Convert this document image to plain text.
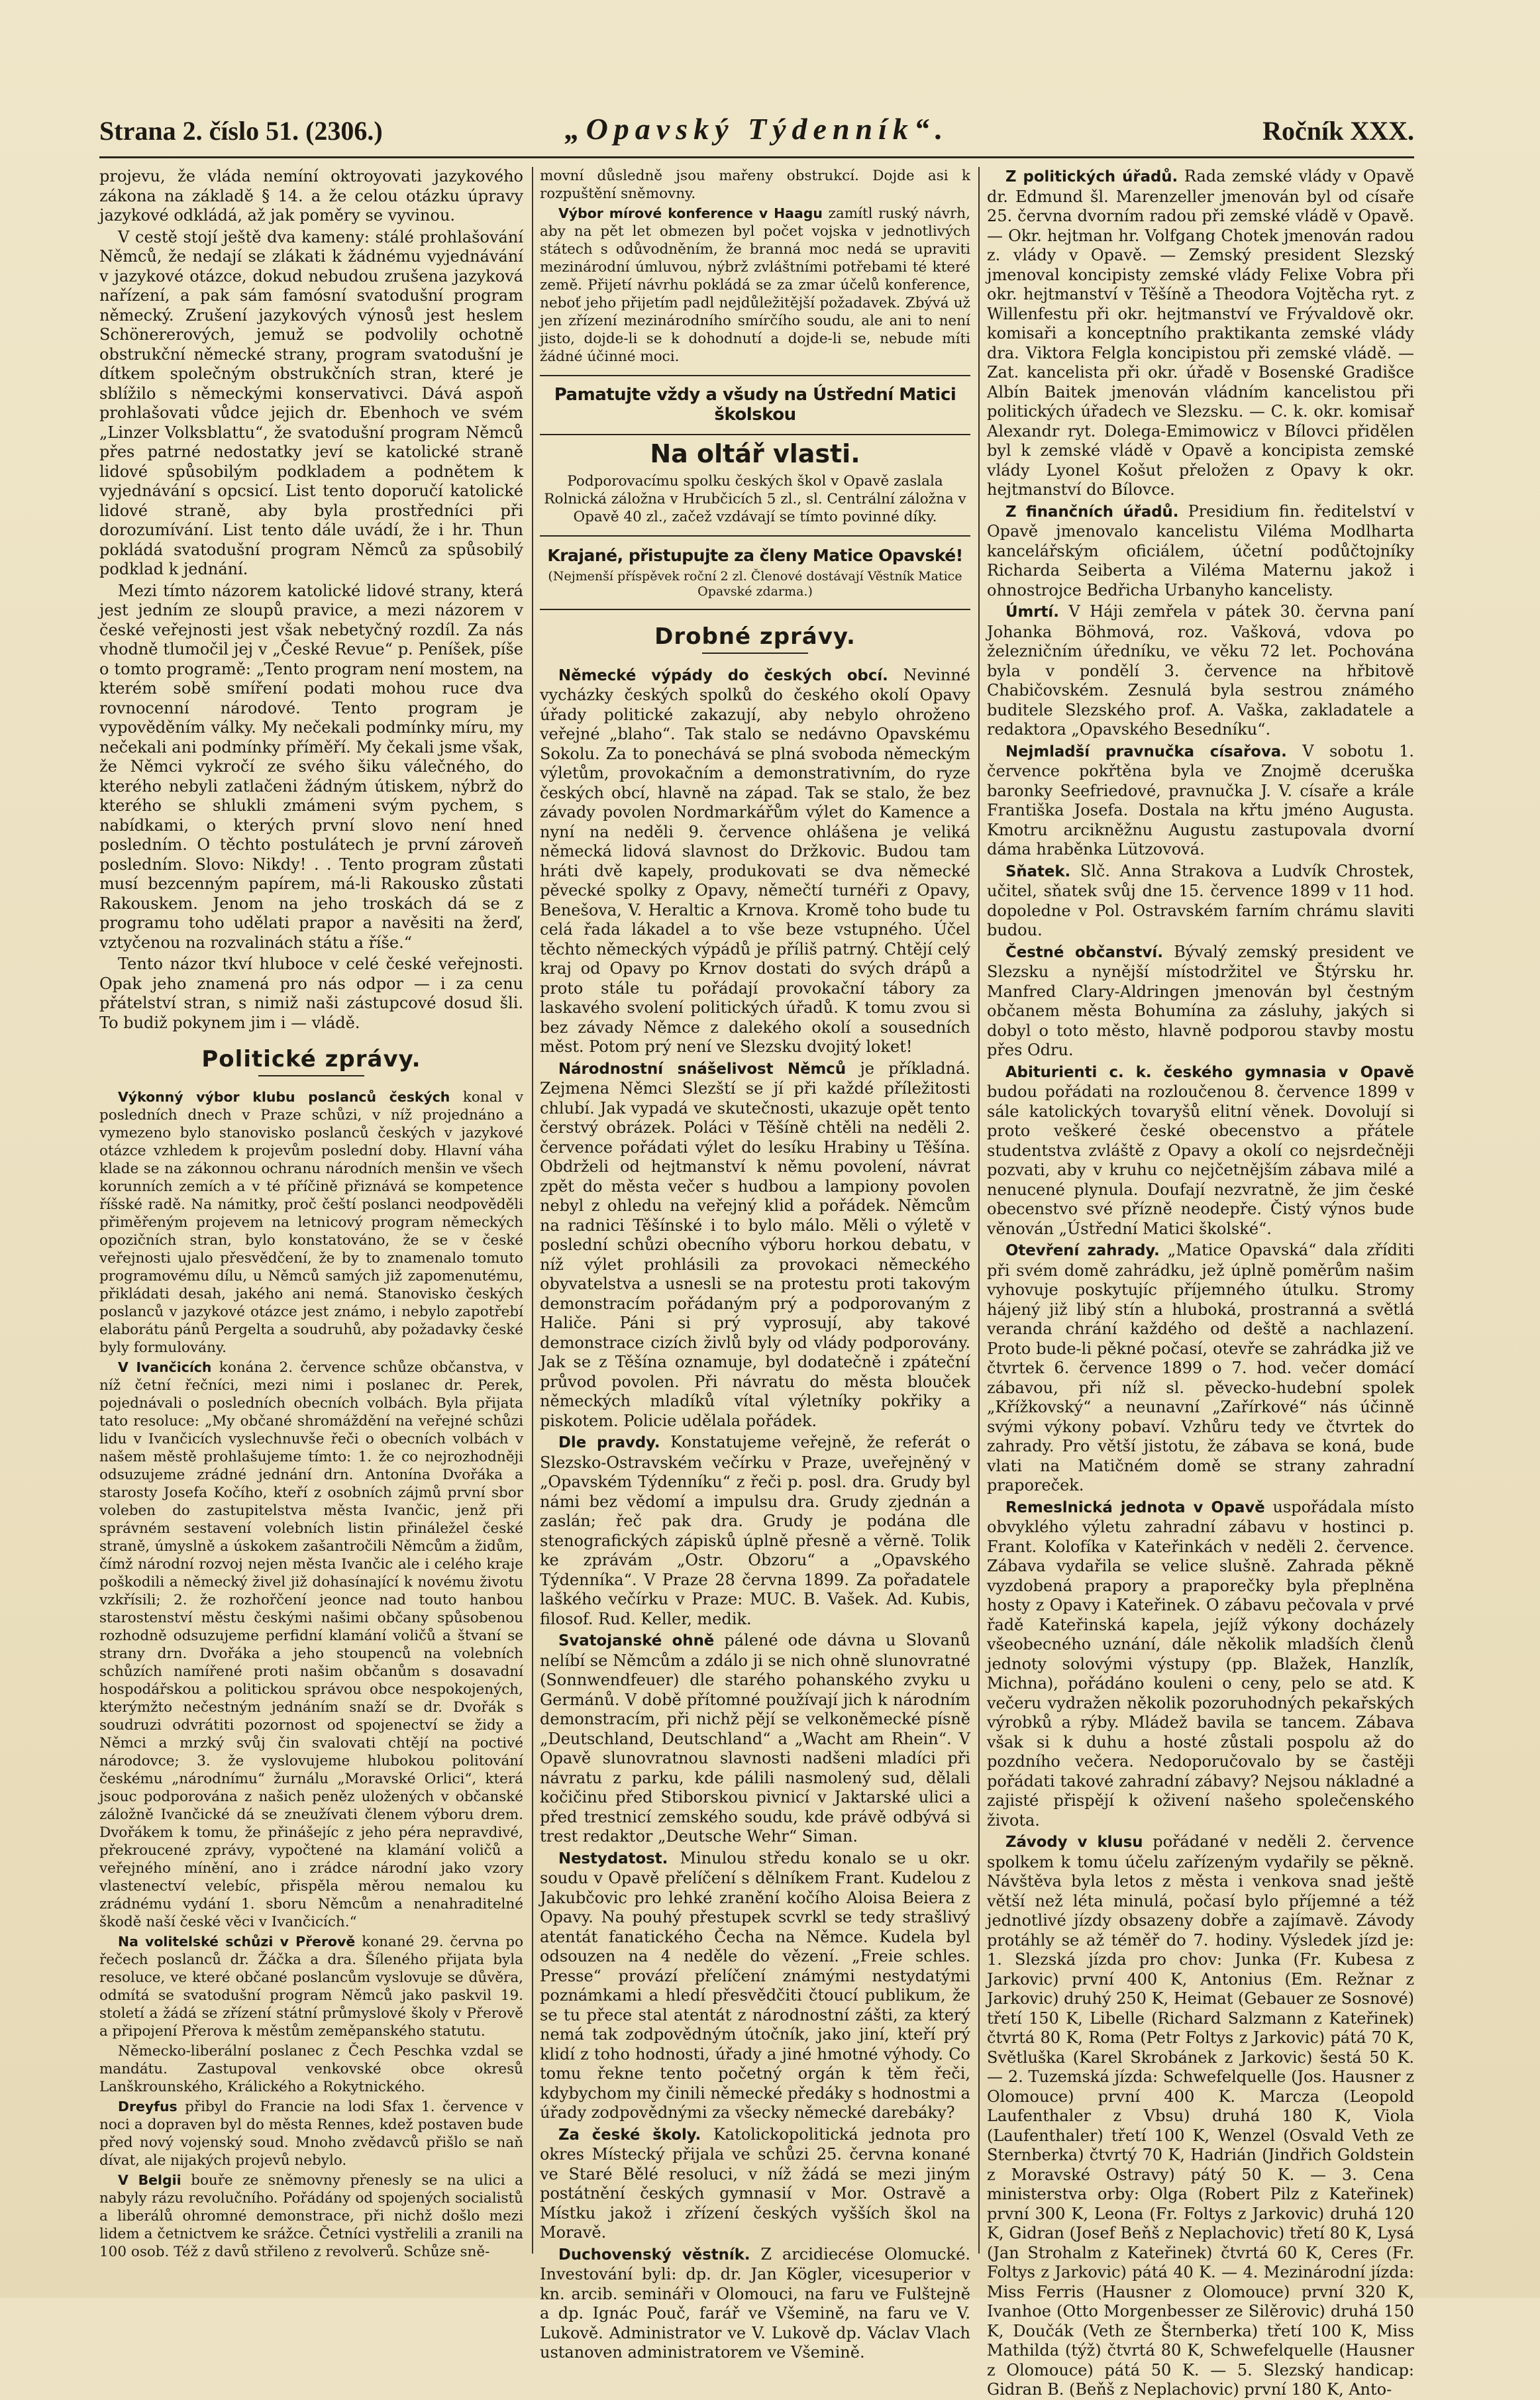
Strana 2. číslo 51. (2306.)	„Opavský Týdenník“.	Ročník XXX.

projevu, že vláda nemíní oktroyovati jazykového zákona na základě § 14. a že celou otázku úpravy jazykové odkládá, až jak poměry se vyvinou.

V cestě stojí ještě dva kameny: stálé prohlašování Němců, že nedají se zlákati k žádnému vyjednávání v jazykové otázce, dokud nebudou zrušena jazyková nařízení, a pak sám famósní svatodušní program německý. Zrušení jazykových výnosů jest heslem Schönererových, jemuž se podvolily ochotně obstrukční německé strany, program svatodušní je dítkem společným obstrukčních stran, které je sblížilo s německými konservativci. Dává aspoň prohlašovati vůdce jejich dr. Ebenhoch ve svém „Linzer Volksblattu“, že svatodušní program Němců přes patrné nedostatky jeví se katolické straně lidové spůsobilým podkladem a podnětem k vyjednávání s opcsicí. List tento doporučí katolické lidové straně, aby byla prostředníci při dorozumívání. List tento dále uvádí, že i hr. Thun pokládá svatodušní program Němců za spůsobilý podklad k jednání.

Mezi tímto názorem katolické lidové strany, která jest jedním ze sloupů pravice, a mezi názorem v české veřejnosti jest však nebetyčný rozdíl. Za nás vhodně tlumočil jej v „České Revue“ p. Peníšek, píše o tomto programě: „Tento program není mostem, na kterém sobě smíření podati mohou ruce dva rovnocenní národové. Tento program je vypověděním války. My nečekali podmínky míru, my nečekali ani podmínky příměří. My čekali jsme však, že Němci vykročí ze svého šiku válečného, do kterého nebyli zatlačeni žádným útiskem, nýbrž do kterého se shlukli zmámeni svým pychem, s nabídkami, o kterých první slovo není hned posledním. O těchto postulátech je první zároveň posledním. Slovo: Nikdy! . . Tento program zůstati musí bezcenným papírem, má-li Rakousko zůstati Rakouskem. Jenom na jeho troskách dá se z programu toho udělati prapor a navěsiti na žerď, vztyčenou na rozvalinách státu a říše.“

Tento názor tkví hluboce v celé české veřejnosti. Opak jeho znamená pro nás odpor — i za cenu přátelství stran, s nimiž naši zástupcové dosud šli. To budiž pokynem jim i — vládě.

Politické zprávy.

Výkonný výbor klubu poslanců českých konal v posledních dnech v Praze schůzi, v níž projednáno a vymezeno bylo stanovisko poslanců českých v jazykové otázce vzhledem k projevům poslední doby. Hlavní váha klade se na zákonnou ochranu národních menšin ve všech korunních zemích a v té příčině přiznává se kompetence říšské radě. Na námitky, proč čeští poslanci neodpověděli přiměřeným projevem na letnicový program německých opozičních stran, bylo konstatováno, že se v české veřejnosti ujalo přesvědčení, že by to znamenalo tomuto programovému dílu, u Němců samých již zapomenutému, přikládati desah, jakého ani nemá. Stanovisko českých poslanců v jazykové otázce jest známo, i nebylo zapotřebí elaborátu pánů Pergelta a soudruhů, aby požadavky české byly formulovány.

V Ivančicích konána 2. července schůze občanstva, v níž četní řečníci, mezi nimi i poslanec dr. Perek, pojednávali o posledních obecních volbách. Byla přijata tato resoluce: „My občané shromáždění na veřejné schůzi lidu v Ivančicích vyslechnuvše řeči o obecních volbách v našem městě prohlašujeme tímto: 1. že co nejrozhodněji odsuzujeme zrádné jednání drn. Antonína Dvořáka a starosty Josefa Kočího, kteří z osobních zájmů první sbor voleben do zastupitelstva města Ivančic, jenž při správném sestavení volebních listin přináležel české straně, úmyslně a úskokem zašantročili Němcům a židům, čímž národní rozvoj nejen města Ivančic ale i celého kraje poškodili a německý živel již dohasínající k novému životu vzkřísili; 2. že rozhořčení jeonce nad touto hanbou starostenství městu českými našimi občany spůsobenou rozhodně odsuzujeme perfidní klamání voličů a štvaní se strany drn. Dvořáka a jeho stoupenců na volebních schůzích namířené proti našim občanům s dosavadní hospodářskou a politickou správou obce nespokojených, kterýmžto nečestným jednáním snaží se dr. Dvořák s soudruzi odvrátiti pozornost od spojenectví se židy a Němci a mrzký svůj čin svalovati chtějí na poctivé národovce; 3. že vyslovujeme hlubokou politování českému „národnímu“ žurnálu „Moravské Orlici“, která jsouc podporována z našich peněz uložených v občanské záložně Ivančické dá se zneužívati členem výboru drem. Dvořákem k tomu, že přinášejíc z jeho péra nepravdivé, překroucené zprávy, vypočtené na klamání voličů a veřejného mínění, ano i zrádce národní jako vzory vlastenectví velebíc, přispěla měrou nemalou ku zrádnému vydání 1. sboru Němcům a nenahraditelné škodě naší české věci v Ivančicích.“

Na volitelské schůzi v Přerově konané 29. června po řečech poslanců dr. Žáčka a dra. Šíleného přijata byla resoluce, ve které občané poslancům vyslovuje se důvěra, odmítá se svatodušní program Němců jako paskvil 19. století a žádá se zřízení státní průmyslové školy v Přerově a připojení Přerova k městům zeměpanského statutu.

Německo-liberální poslanec z Čech Peschka vzdal se mandátu. Zastupoval venkovské obce okresů Lanškrounského, Králického a Rokytnického.

Dreyfus přibyl do Francie na lodi Sfax 1. července v noci a dopraven byl do města Rennes, kdež postaven bude před nový vojenský soud. Mnoho zvědavců přišlo se naň dívat, ale nijakých projevů nebylo.

V Belgii bouře ze sněmovny přenesly se na ulici a nabyly rázu revolučního. Pořádány od spojených socialistů a liberálů ohromné demonstrace, při nichž došlo mezi lidem a četnictvem ke srážce. Četníci vystřelili a zranili na 100 osob. Též z davů střileno z revolverů. Schůze sně-

movní důsledně jsou mařeny obstrukcí. Dojde asi k rozpuštění sněmovny.

Výbor mírové konference v Haagu zamítl ruský návrh, aby na pět let obmezen byl počet vojska v jednotlivých státech s odůvodněním, že branná moc nedá se upraviti mezinárodní úmluvou, nýbrž zvláštními potřebami té které země. Přijetí návrhu pokládá se za zmar účelů konference, neboť jeho přijetím padl nejdůležitější požadavek. Zbývá už jen zřízení mezinárodního smírčího soudu, ale ani to není jisto, dojde-li se k dohodnutí a dojde-li se, nebude míti žádné účinné moci.

Pamatujte vždy a všudy na Ústřední Matici školskou
Na oltář vlasti.

Podporovacímu spolku českých škol v Opavě zaslala Rolnická záložna v Hrubčicích 5 zl., sl. Centrální záložna v Opavě 40 zl., začež vzdávají se tímto povinné díky.

Krajané, přistupujte za členy Matice Opavské!

(Nejmenší příspěvek roční 2 zl. Členové dostávají Věstník Matice Opavské zdarma.)

Drobné zprávy.

Německé výpády do českých obcí. Nevinné vycházky českých spolků do českého okolí Opavy úřady politické zakazují, aby nebylo ohroženo veřejné „blaho“. Tak stalo se nedávno Opavskému Sokolu. Za to ponechává se plná svoboda německým výletům, provokačním a demonstrativním, do ryze českých obcí, hlavně na západ. Tak se stalo, že bez závady povolen Nordmarkářům výlet do Kamence a nyní na neděli 9. července ohlášena je veliká německá lidová slavnost do Držkovic. Budou tam hráti dvě kapely, produkovati se dva německé pěvecké spolky z Opavy, němečtí turnéři z Opavy, Benešova, V. Heraltic a Krnova. Kromě toho bude tu celá řada lákadel a to vše beze vstupného. Účel těchto německých výpádů je příliš patrný. Chtějí celý kraj od Opavy po Krnov dostati do svých drápů a proto stále tu pořádají provokační tábory za laskavého svolení politických úřadů. K tomu zvou si bez závady Němce z dalekého okolí a sousedních měst. Potom prý není ve Slezsku dvojitý loket!

Národnostní snášelivost Němců je příkladná. Zejmena Němci Slezští se jí při každé příležitosti chlubí. Jak vypadá ve skutečnosti, ukazuje opět tento čerstvý obrázek. Poláci v Těšíně chtěli na neděli 2. července pořádati výlet do lesíku Hrabiny u Těšína. Obdrželi od hejtmanství k němu povolení, návrat zpět do města večer s hudbou a lampiony povolen nebyl z ohledu na veřejný klid a pořádek. Němcům na radnici Těšínské i to bylo málo. Měli o výletě v poslední schůzi obecního výboru horkou debatu, v níž výlet prohlásili za provokaci německého obyvatelstva a usnesli se na protestu proti takovým demonstracím pořádaným prý a podporovaným z Haliče. Páni si prý vyprosují, aby takové demonstrace cizích živlů byly od vlády podporovány. Jak se z Těšína oznamuje, byl dodatečně i zpáteční průvod povolen. Při návratu do města blouček německých mladíků vítal výletníky pokřiky a piskotem. Policie udělala pořádek.

Dle pravdy. Konstatujeme veřejně, že referát o Slezsko-Ostravském večírku v Praze, uveřejněný v „Opavském Týdenníku“ z řeči p. posl. dra. Grudy byl námi bez vědomí a impulsu dra. Grudy zjednán a zaslán; řeč pak dra. Grudy je podána dle stenografických zápisků úplně přesně a věrně. Tolik ke zprávám „Ostr. Obzoru“ a „Opavského Týdenníka“. V Praze 28 června 1899. Za pořadatele laškého večírku v Praze: MUC. B. Vašek. Ad. Kubis, filosof. Rud. Keller, medik.

Svatojanské ohně pálené ode dávna u Slovanů nelíbí se Němcům a zdálo ji se nich ohně slunovratné (Sonnwendfeuer) dle starého pohanského zvyku u Germánů. V době přítomné používají jich k národním demonstracím, při nichž pějí se velkoněmecké písně „Deutschland, Deutschland“ a „Wacht am Rhein“. V Opavě slunovratnou slavnosti nadšeni mladíci při návratu z parku, kde pálili nasmolený sud, dělali kočičinu před Stiborskou pivnicí v Jaktarské ulici a před trestnicí zemského soudu, kde právě odbývá si trest redaktor „Deutsche Wehr“ Siman.

Nestydatost. Minulou středu konalo se u okr. soudu v Opavě přelíčení s dělníkem Frant. Kudelou z Jakubčovic pro lehké zranění kočího Aloisa Beiera z Opavy. Na pouhý přestupek scvrkl se tedy strašlivý atentát fanatického Čecha na Němce. Kudela byl odsouzen na 4 neděle do vězení. „Freie schles. Presse“ provází přelíčení známými nestydatými poznámkami a hledí přesvědčiti čtoucí publikum, že se tu přece stal atentát z národnostní zášti, za který nemá tak zodpovědným útočník, jako jiní, kteří prý klidí z toho hodnosti, úřady a jiné hmotné výhody. Co tomu řekne tento početný orgán k těm řeči, kdybychom my činili německé předáky s hodnostmi a úřady zodpovědnými za všecky německé darebáky?

Za české školy. Katolickopolitická jednota pro okres Místecký přijala ve schůzi 25. června konané ve Staré Bělé resoluci, v níž žádá se mezi jiným postátnění českých gymnasií v Mor. Ostravě a Místku jakož i zřízení českých vyšších škol na Moravě.

Duchovenský věstník. Z arcidiecése Olomucké. Investování byli: dp. dr. Jan Kögler, vicesuperior v kn. arcib. semináři v Olomouci, na faru ve Fulštejně a dp. Ignác Pouč, farář ve Všemině, na faru ve V. Lukově. Administrator ve V. Lukově dp. Václav Vlach ustanoven administratorem ve Všemině.

Z politických úřadů. Rada zemské vlády v Opavě dr. Edmund šl. Marenzeller jmenován byl od císaře 25. června dvorním radou při zemské vládě v Opavě. — Okr. hejtman hr. Volfgang Chotek jmenován radou z. vlády v Opavě. — Zemský president Slezský jmenoval koncipisty zemské vlády Felixe Vobra při okr. hejtmanství v Těšíně a Theodora Vojtěcha ryt. z Willenfestu při okr. hejtmanství ve Frývaldově okr. komisaři a konceptního praktikanta zemské vlády dra. Viktora Felgla koncipistou při zemské vládě. — Zat. kancelista při okr. úřadě v Bosenské Gradišce Albín Baitek jmenován vládním kancelistou při politických úřadech ve Slezsku. — C. k. okr. komisař Alexandr ryt. Dolega-Emimowicz v Bílovci přidělen byl k zemské vládě v Opavě a koncipista zemské vlády Lyonel Košut přeložen z Opavy k okr. hejtmanství do Bílovce.

Z finančních úřadů. Presidium fin. ředitelství v Opavě jmenovalo kancelistu Viléma Modlharta kancelářským oficiálem, účetní podůčtojníky Richarda Seiberta a Viléma Maternu jakož i ohnostrojce Bedřicha Urbanyho kancelisty.

Úmrtí. V Háji zemřela v pátek 30. června paní Johanka Böhmová, roz. Vašková, vdova po železničním úředníku, ve věku 72 let. Pochována byla v pondělí 3. července na hřbitově Chabičovském. Zesnulá byla sestrou známého buditele Slezského prof. A. Vaška, zakladatele a redaktora „Opavského Besedníku“.

Nejmladší pravnučka císařova. V sobotu 1. července pokřtěna byla ve Znojmě dceruška baronky Seefriedové, pravnučka J. V. císaře a krále Františka Josefa. Dostala na křtu jméno Augusta. Kmotru arcikněžnu Augustu zastupovala dvorní dáma hraběnka Lützovová.

Sňatek. Slč. Anna Strakova a Ludvík Chrostek, učitel, sňatek svůj dne 15. července 1899 v 11 hod. dopoledne v Pol. Ostravském farním chrámu slaviti budou.

Čestné občanství. Bývalý zemský president ve Slezsku a nynější místodržitel ve Štýrsku hr. Manfred Clary-Aldringen jmenován byl čestným občanem města Bohumína za zásluhy, jakých si dobyl o toto město, hlavně podporou stavby mostu přes Odru.

Abiturienti c. k. českého gymnasia v Opavě budou pořádati na rozloučenou 8. července 1899 v sále katolických tovaryšů elitní věnek. Dovolují si proto veškeré české obecenstvo a přátele studentstva zvláště z Opavy a okolí co nejsrdečněji pozvati, aby v kruhu co nejčetnějším zábava milé a nenucené plynula. Doufají nezvratně, že jim české obecenstvo své přízně neodepře. Čistý výnos bude věnován „Ústřední Matici školské“.

Otevření zahrady. „Matice Opavská“ dala zříditi při svém domě zahrádku, jež úplně poměrům našim vyhovuje poskytujíc příjemného útulku. Stromy hájený již libý stín a hluboká, prostranná a světlá veranda chrání každého od deště a nachlazení. Proto bude-li pěkné počasí, otevře se zahrádka již ve čtvrtek 6. července 1899 o 7. hod. večer domácí zábavou, při níž sl. pěvecko-hudební spolek „Křížkovský“ a neunavní „Zařírkové“ nás účinně svými výkony pobaví. Vzhůru tedy ve čtvrtek do zahrady. Pro větší jistotu, že zábava se koná, bude vlati na Matičném domě se strany zahradní praporeček.

Remeslnická jednota v Opavě uspořádala místo obvyklého výletu zahradní zábavu v hostinci p. Frant. Kolofíka v Kateřinkách v neděli 2. července. Zábava vydařila se velice slušně. Zahrada pěkně vyzdobená prapory a praporečky byla přeplněna hosty z Opavy i Kateřinek. O zábavu pečovala v prvé řadě Kateřinská kapela, jejíž výkony docházely všeobecného uznání, dále několik mladších členů jednoty solovými výstupy (pp. Blažek, Hanzlík, Michna), pořádáno kouleni o ceny, pelo se atd. K večeru vydražen několik pozoruhodných pekařských výrobků a rýby. Mládež bavila se tancem. Zábava však si k duhu a hosté zůstali pospolu až do pozdního večera. Nedoporučovalo by se častěji pořádati takové zahradní zábavy? Nejsou nákladné a zajisté přispějí k oživení našeho společenského života.

Závody v klusu pořádané v neděli 2. července spolkem k tomu účelu zařízeným vydařily se pěkně. Návštěva byla letos z města i venkova snad ještě větší než léta minulá, počasí bylo příjemné a též jednotlivé jízdy obsazeny dobře a zajímavě. Závody protáhly se až téměř do 7. hodiny. Výsledek jízd je: 1. Slezská jízda pro chov: Junka (Fr. Kubesa z Jarkovic) první 400 K, Antonius (Em. Režnar z Jarkovic) druhý 250 K, Heimat (Gebauer ze Sosnové) třetí 150 K, Libelle (Richard Salzmann z Kateřinek) čtvrtá 80 K, Roma (Petr Foltys z Jarkovic) pátá 70 K, Světluška (Karel Skrobánek z Jarkovic) šestá 50 K. — 2. Tuzemská jízda: Schwefelquelle (Jos. Hausner z Olomouce) první 400 K. Marcza (Leopold Laufenthaler z Vbsu) druhá 180 K, Viola (Laufenthaler) třetí 100 K, Wenzel (Osvald Veth ze Sternberka) čtvrtý 70 K, Hadrián (Jindřich Goldstein z Moravské Ostravy) pátý 50 K. — 3. Cena ministerstva orby: Olga (Robert Pilz z Kateřinek) první 300 K, Leona (Fr. Foltys z Jarkovic) druhá 120 K, Gidran (Josef Beňš z Neplachovic) třetí 80 K, Lysá (Jan Strohalm z Kateřinek) čtvrtá 60 K, Ceres (Fr. Foltys z Jarkovic) pátá 40 K. — 4. Mezinárodní jízda: Miss Ferris (Hausner z Olomouce) první 320 K, Ivanhoe (Otto Morgenbesser ze Silěrovic) druhá 150 K, Doučák (Veth ze Šternberka) třetí 100 K, Miss Mathilda (týž) čtvrtá 80 K, Schwefelquelle (Hausner z Olomouce) pátá 50 K. — 5. Slezský handicap: Gidran B. (Beňš z Neplachovic) první 180 K, Anto-
